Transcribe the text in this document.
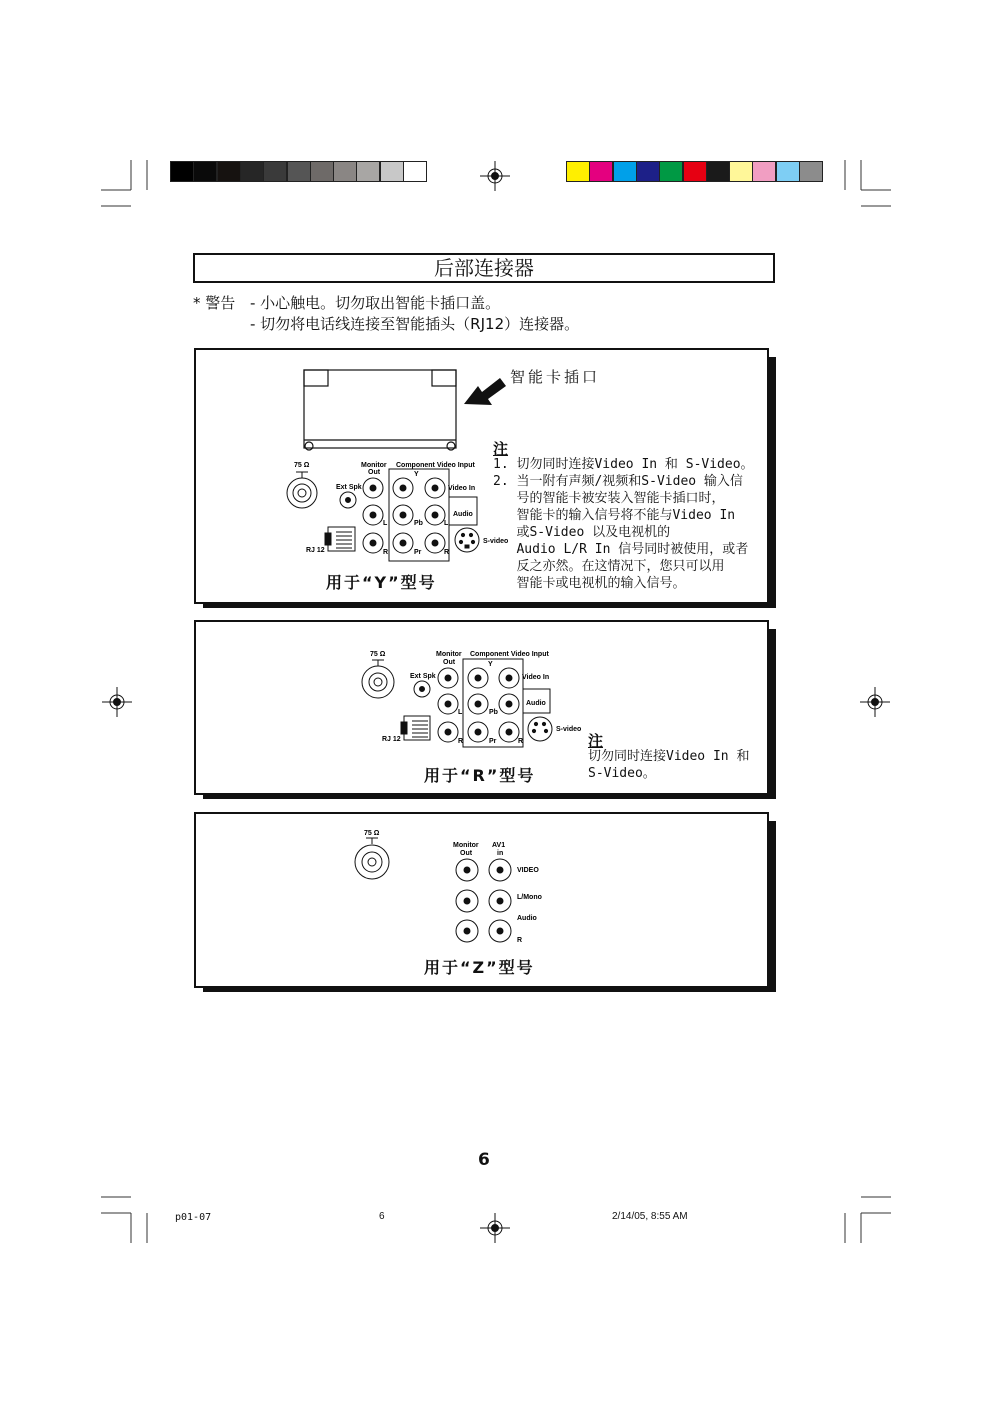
后部连接器
* 警告 - 小心触电。切勿取出智能卡插口盖。
- 切勿将电话线连接至智能插头（RJ12）连接器。
75 Ω
Ext Spk
RJ 12
Monitor
Out
Component Video Input
Y
Video In
Audio
L	Pb	L
R	Pr	R
S-video
智能卡插口
注
1. 切勿同时连接Video In 和 S-Video。
2. 当一附有声频/视频和S-Video 输入信
号的智能卡被安装入智能卡插口时，
智能卡的输入信号将不能与Video In
或S-Video 以及电视机的
Audio L/R In 信号同时被使用，或者
反之亦然。在这情况下，您只可以用
智能卡或电视机的输入信号。
用于“Y”型号
75 Ω
Ext Spk
RJ 12
Monitor
Out
Component Video Input
Y
Video In
Audio
L	Pb
R	Pr	R
S-video
注
切勿同时连接Video In 和
S-Video。
用于“R”型号
75 Ω
Monitor
Out
AV1
in
VIDEO
L/Mono
Audio
R
用于“Z”型号
6
p01-07	6	2/14/05, 8:55 AM
